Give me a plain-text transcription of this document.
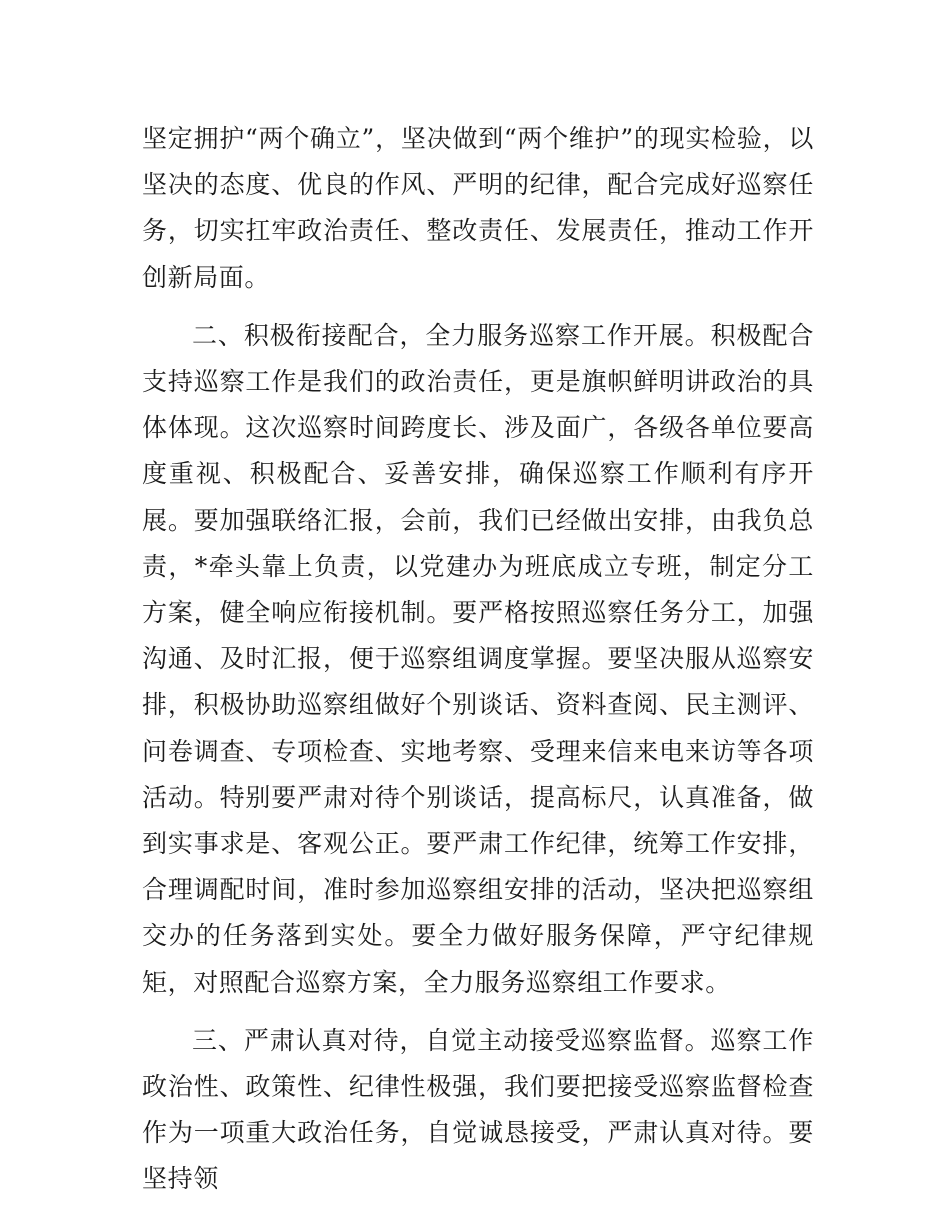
坚定拥护“两个确立”，坚决做到“两个维护”的现实检验，以坚决的态度、优良的作风、严明的纪律，配合完成好巡察任务，切实扛牢政治责任、整改责任、发展责任，推动工作开创新局面。

二、积极衔接配合，全力服务巡察工作开展。积极配合支持巡察工作是我们的政治责任，更是旗帜鲜明讲政治的具体体现。这次巡察时间跨度长、涉及面广，各级各单位要高度重视、积极配合、妥善安排，确保巡察工作顺利有序开展。要加强联络汇报，会前，我们已经做出安排，由我负总责，*牵头靠上负责，以党建办为班底成立专班，制定分工方案，健全响应衔接机制。要严格按照巡察任务分工，加强沟通、及时汇报，便于巡察组调度掌握。要坚决服从巡察安排，积极协助巡察组做好个别谈话、资料查阅、民主测评、问卷调查、专项检查、实地考察、受理来信来电来访等各项活动。特别要严肃对待个别谈话，提高标尺，认真准备，做到实事求是、客观公正。要严肃工作纪律，统筹工作安排，合理调配时间，准时参加巡察组安排的活动，坚决把巡察组交办的任务落到实处。要全力做好服务保障，严守纪律规矩，对照配合巡察方案，全力服务巡察组工作要求。

三、严肃认真对待，自觉主动接受巡察监督。巡察工作政治性、政策性、纪律性极强，我们要把接受巡察监督检查作为一项重大政治任务，自觉诚恳接受，严肃认真对待。要坚持领
